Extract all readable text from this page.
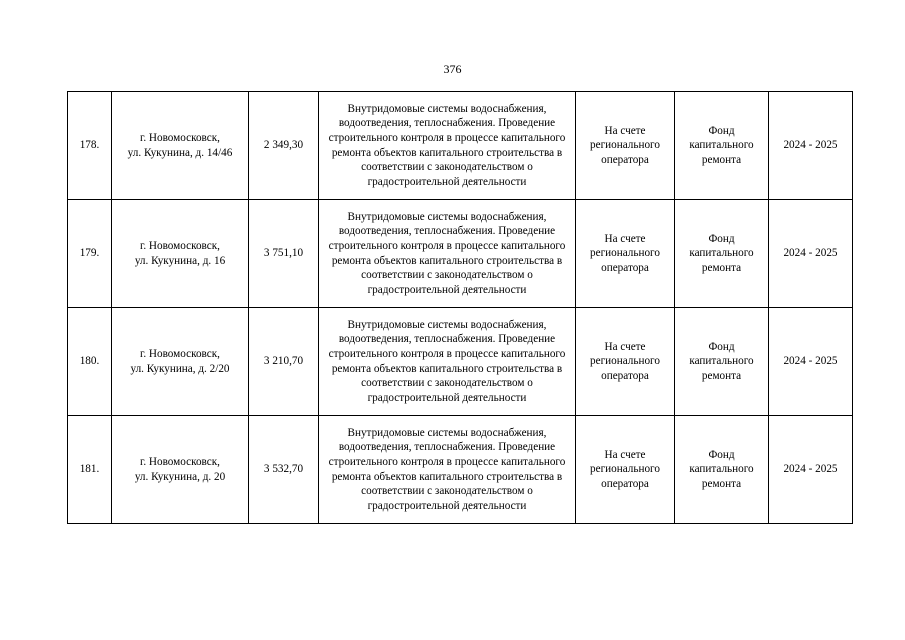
376
178.	г. Новомосковск,
ул. Кукунина, д. 14/46	2 349,30	Внутридомовые системы водоснабжения, водоотведения, теплоснабжения. Проведение строительного контроля в процессе капитального ремонта объектов капитального строительства в соответствии с законодательством о градостроительной деятельности	На счете регионального оператора	Фонд капитального ремонта	2024 - 2025
179.	г. Новомосковск,
ул. Кукунина, д. 16	3 751,10	Внутридомовые системы водоснабжения, водоотведения, теплоснабжения. Проведение строительного контроля в процессе капитального ремонта объектов капитального строительства в соответствии с законодательством о градостроительной деятельности	На счете регионального оператора	Фонд капитального ремонта	2024 - 2025
180.	г. Новомосковск,
ул. Кукунина, д. 2/20	3 210,70	Внутридомовые системы водоснабжения, водоотведения, теплоснабжения. Проведение строительного контроля в процессе капитального ремонта объектов капитального строительства в соответствии с законодательством о градостроительной деятельности	На счете регионального оператора	Фонд капитального ремонта	2024 - 2025
181.	г. Новомосковск,
ул. Кукунина, д. 20	3 532,70	Внутридомовые системы водоснабжения, водоотведения, теплоснабжения. Проведение строительного контроля в процессе капитального ремонта объектов капитального строительства в соответствии с законодательством о градостроительной деятельности	На счете регионального оператора	Фонд капитального ремонта	2024 - 2025
